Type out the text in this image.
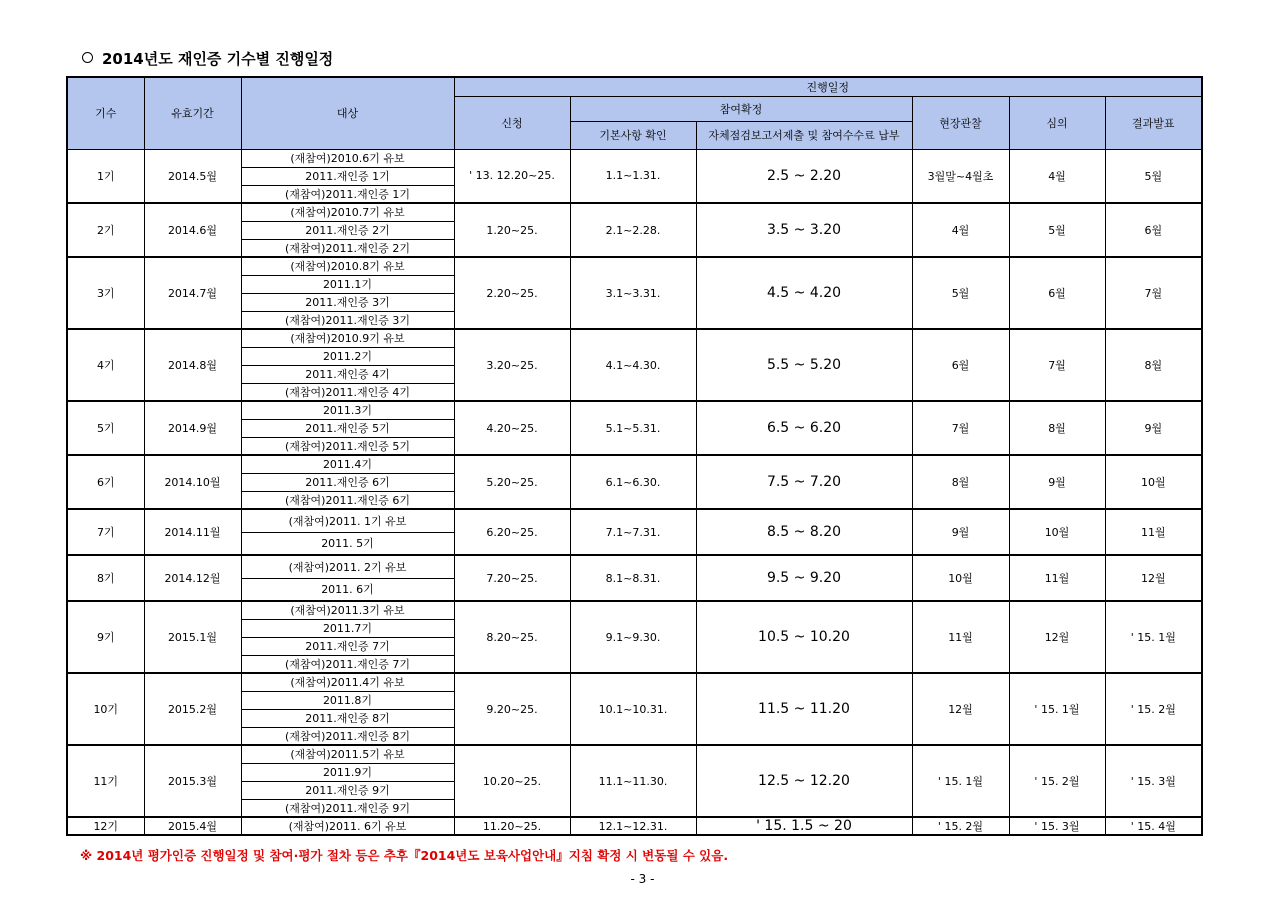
2014년도 재인증 기수별 진행일정
기수	유효기간	대상	진행일정					
			신청	참여확정		현장관찰	심의	결과발표
				기본사항 확인	자체점검보고서제출 및 참여수수료 납부			
1기	2014.5월	(재참여)2010.6기 유보	' 13. 12.20~25.	1.1~1.31.	2.5 ~ 2.20	3월말~4월초	4월	5월
		2011.재인증 1기						
		(재참여)2011.재인증 1기						
2기	2014.6월	(재참여)2010.7기 유보	1.20~25.	2.1~2.28.	3.5 ~ 3.20	4월	5월	6월
		2011.재인증 2기						
		(재참여)2011.재인증 2기						
3기	2014.7월	(재참여)2010.8기 유보	2.20~25.	3.1~3.31.	4.5 ~ 4.20	5월	6월	7월
		2011.1기						
		2011.재인증 3기						
		(재참여)2011.재인증 3기						
4기	2014.8월	(재참여)2010.9기 유보	3.20~25.	4.1~4.30.	5.5 ~ 5.20	6월	7월	8월
		2011.2기						
		2011.재인증 4기						
		(재참여)2011.재인증 4기						
5기	2014.9월	2011.3기	4.20~25.	5.1~5.31.	6.5 ~ 6.20	7월	8월	9월
		2011.재인증 5기						
		(재참여)2011.재인증 5기						
6기	2014.10월	2011.4기	5.20~25.	6.1~6.30.	7.5 ~ 7.20	8월	9월	10월
		2011.재인증 6기						
		(재참여)2011.재인증 6기						
7기	2014.11월	(재참여)2011. 1기 유보	6.20~25.	7.1~7.31.	8.5 ~ 8.20	9월	10월	11월
		2011. 5기						
8기	2014.12월	(재참여)2011. 2기 유보	7.20~25.	8.1~8.31.	9.5 ~ 9.20	10월	11월	12월
		2011. 6기						
9기	2015.1월	(재참여)2011.3기 유보	8.20~25.	9.1~9.30.	10.5 ~ 10.20	11월	12월	' 15. 1월
		2011.7기						
		2011.재인증 7기						
		(재참여)2011.재인증 7기						
10기	2015.2월	(재참여)2011.4기 유보	9.20~25.	10.1~10.31.	11.5 ~ 11.20	12월	' 15. 1월	' 15. 2월
		2011.8기						
		2011.재인증 8기						
		(재참여)2011.재인증 8기						
11기	2015.3월	(재참여)2011.5기 유보	10.20~25.	11.1~11.30.	12.5 ~ 12.20	' 15. 1월	' 15. 2월	' 15. 3월
		2011.9기						
		2011.재인증 9기						
		(재참여)2011.재인증 9기						
12기	2015.4월	(재참여)2011. 6기 유보	11.20~25.	12.1~12.31.	' 15. 1.5 ~ 20	' 15. 2월	' 15. 3월	' 15. 4월
※ 2014년 평가인증 진행일정 및 참여·평가 절차 등은 추후『2014년도 보육사업안내』지침 확정 시 변동될 수 있음.
- 3 -
